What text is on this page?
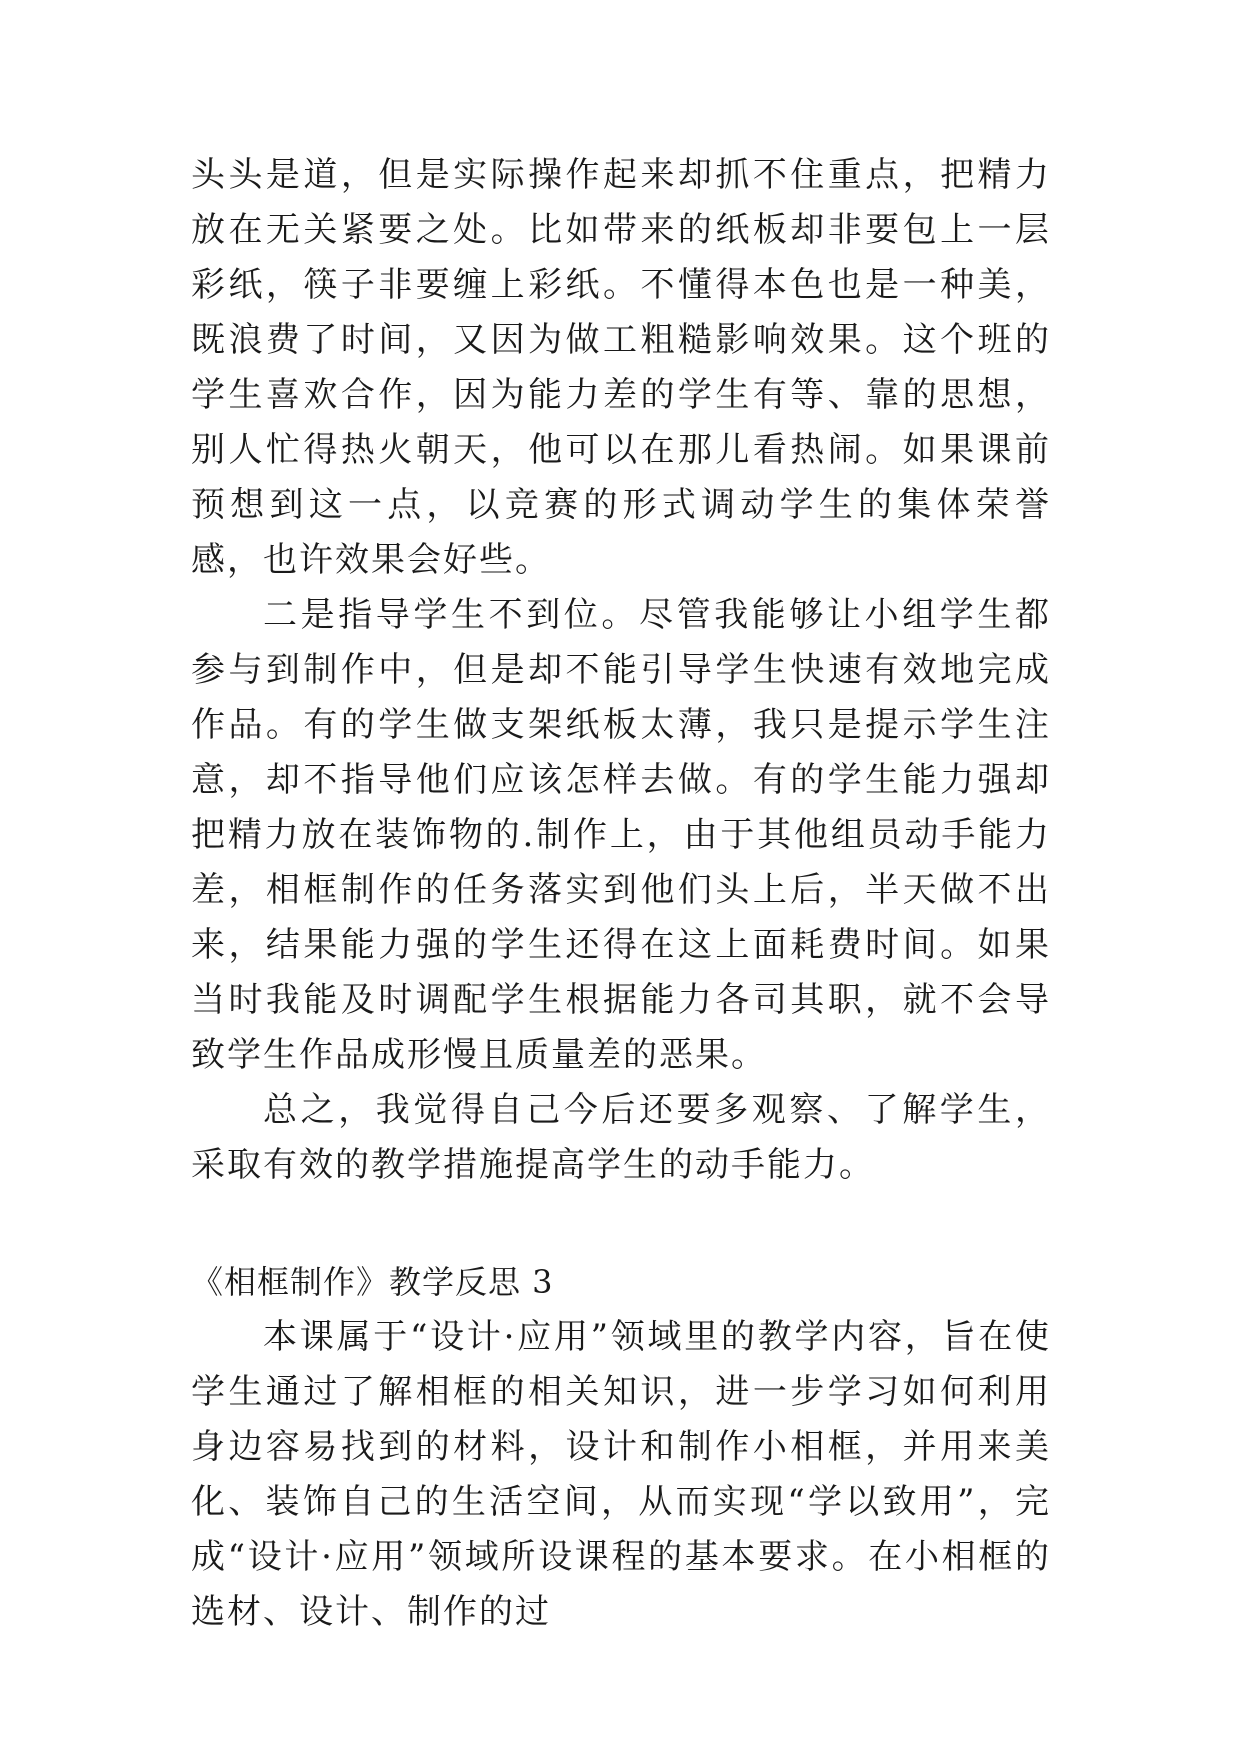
头头是道，但是实际操作起来却抓不住重点，把精力放在无关紧要之处。比如带来的纸板却非要包上一层彩纸，筷子非要缠上彩纸。不懂得本色也是一种美，既浪费了时间，又因为做工粗糙影响效果。这个班的学生喜欢合作，因为能力差的学生有等、靠的思想，别人忙得热火朝天，他可以在那儿看热闹。如果课前预想到这一点，以竞赛的形式调动学生的集体荣誉感，也许效果会好些。

二是指导学生不到位。尽管我能够让小组学生都参与到制作中，但是却不能引导学生快速有效地完成作品。有的学生做支架纸板太薄，我只是提示学生注意，却不指导他们应该怎样去做。有的学生能力强却把精力放在装饰物的.制作上，由于其他组员动手能力差，相框制作的任务落实到他们头上后，半天做不出来，结果能力强的学生还得在这上面耗费时间。如果当时我能及时调配学生根据能力各司其职，就不会导致学生作品成形慢且质量差的恶果。

总之，我觉得自己今后还要多观察、了解学生，采取有效的教学措施提高学生的动手能力。

《相框制作》教学反思 3

本课属于“设计·应用”领域里的教学内容，旨在使学生通过了解相框的相关知识，进一步学习如何利用身边容易找到的材料，设计和制作小相框，并用来美化、装饰自己的生活空间，从而实现“学以致用”，完成“设计·应用”领域所设课程的基本要求。在小相框的选材、设计、制作的过
